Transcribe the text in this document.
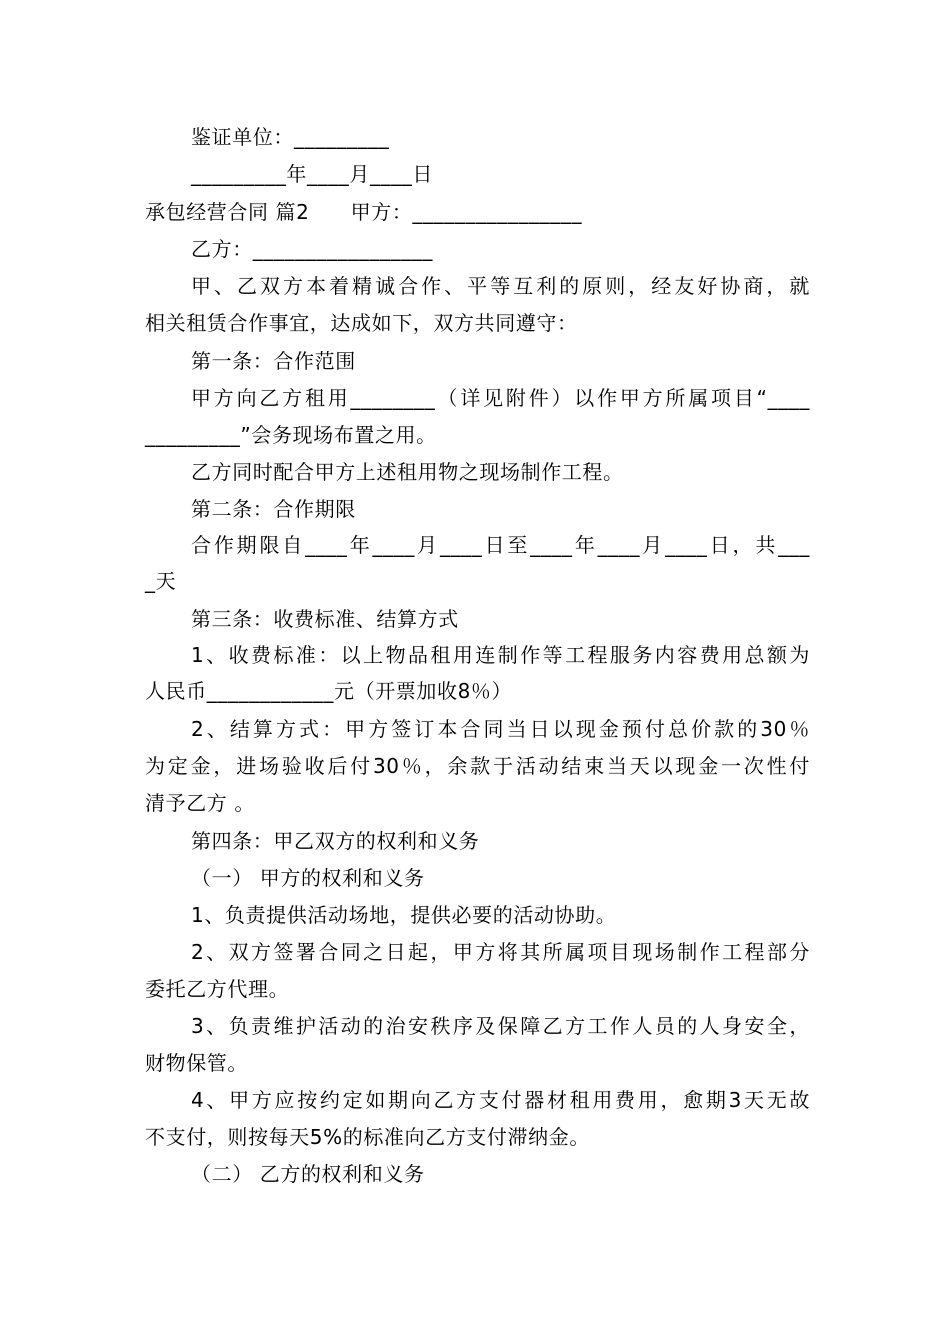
鉴证单位：_________
_________年____月____日
承包经营合同 篇2　　甲方：________________
乙方：_________________
甲、乙双方本着精诚合作、平等互利的原则，经友好协商，就
相关租赁合作事宜，达成如下，双方共同遵守：
第一条：合作范围
甲方向乙方租用________（详见附件）以作甲方所属项目“____
_________”会务现场布置之用。
乙方同时配合甲方上述租用物之现场制作工程。
第二条：合作期限
合作期限自____年____月____日至____年____月____日，共___
_天
第三条：收费标准、结算方式
1、收费标准：以上物品租用连制作等工程服务内容费用总额为
人民币____________元（开票加收8％）
2、结算方式：甲方签订本合同当日以现金预付总价款的30％
为定金，进场验收后付30％，余款于活动结束当天以现金一次性付
清予乙方 。
第四条：甲乙双方的权利和义务
（一） 甲方的权利和义务
1、负责提供活动场地，提供必要的活动协助。
2、双方签署合同之日起，甲方将其所属项目现场制作工程部分
委托乙方代理。
3、负责维护活动的治安秩序及保障乙方工作人员的人身安全，
财物保管。
4、甲方应按约定如期向乙方支付器材租用费用，愈期3天无故
不支付，则按每天5%的标准向乙方支付滞纳金。
（二） 乙方的权利和义务
